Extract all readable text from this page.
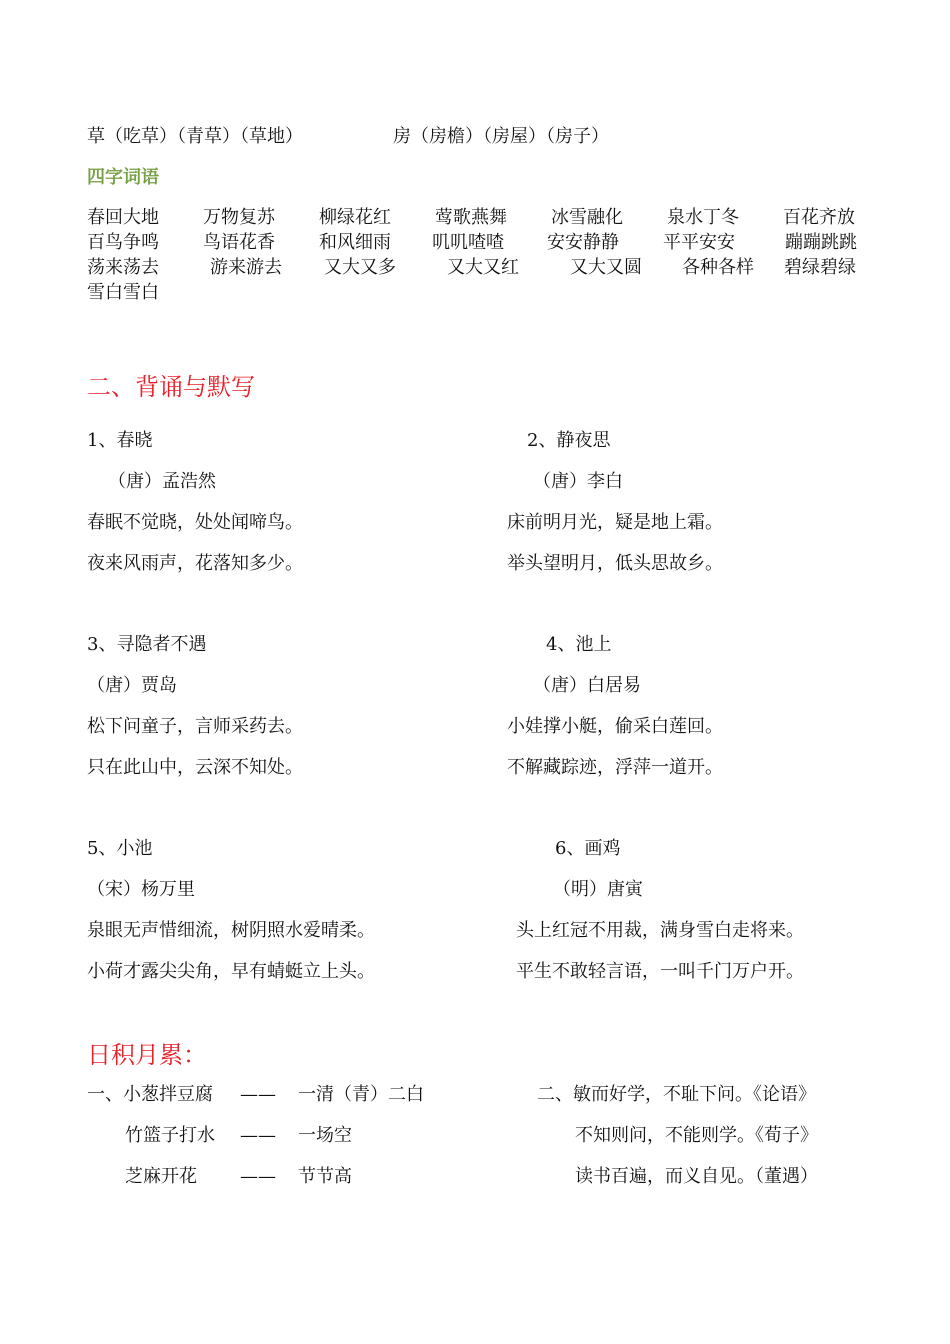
草（吃草）（青草）（草地）	房（房檐）（房屋）（房子）
四字词语
春回大地 万物复苏 柳绿花红 莺歌燕舞 冰雪融化 泉水丁冬 百花齐放
百鸟争鸣 鸟语花香 和风细雨 叽叽喳喳 安安静静 平平安安	蹦蹦跳跳
荡来荡去	游来游去 又大又多	又大又红	又大又圆 各种各样 碧绿碧绿
雪白雪白
二、背诵与默写
1、春晓
（唐）孟浩然
春眠不觉晓，处处闻啼鸟。
夜来风雨声，花落知多少。
2、静夜思
（唐）李白
床前明月光，疑是地上霜。
举头望明月，低头思故乡。
3、寻隐者不遇
（唐）贾岛
松下问童子，言师采药去。
只在此山中，云深不知处。
4、池上
（唐）白居易
小娃撑小艇，偷采白莲回。
不解藏踪迹，浮萍一道开。
5、小池
（宋）杨万里
泉眼无声惜细流，树阴照水爱晴柔。
小荷才露尖尖角，早有蜻蜓立上头。
6、画鸡
（明）唐寅
头上红冠不用裁，满身雪白走将来。
平生不敢轻言语，一叫千门万户开。
日积月累：
一、小葱拌豆腐 —— 一清（青）二白
竹篮子打水 —— 一场空
芝麻开花 —— 节节高
二、敏而好学，不耻下问。《论语》
不知则问，不能则学。《荀子》
读书百遍，而义自见。（董遇）
